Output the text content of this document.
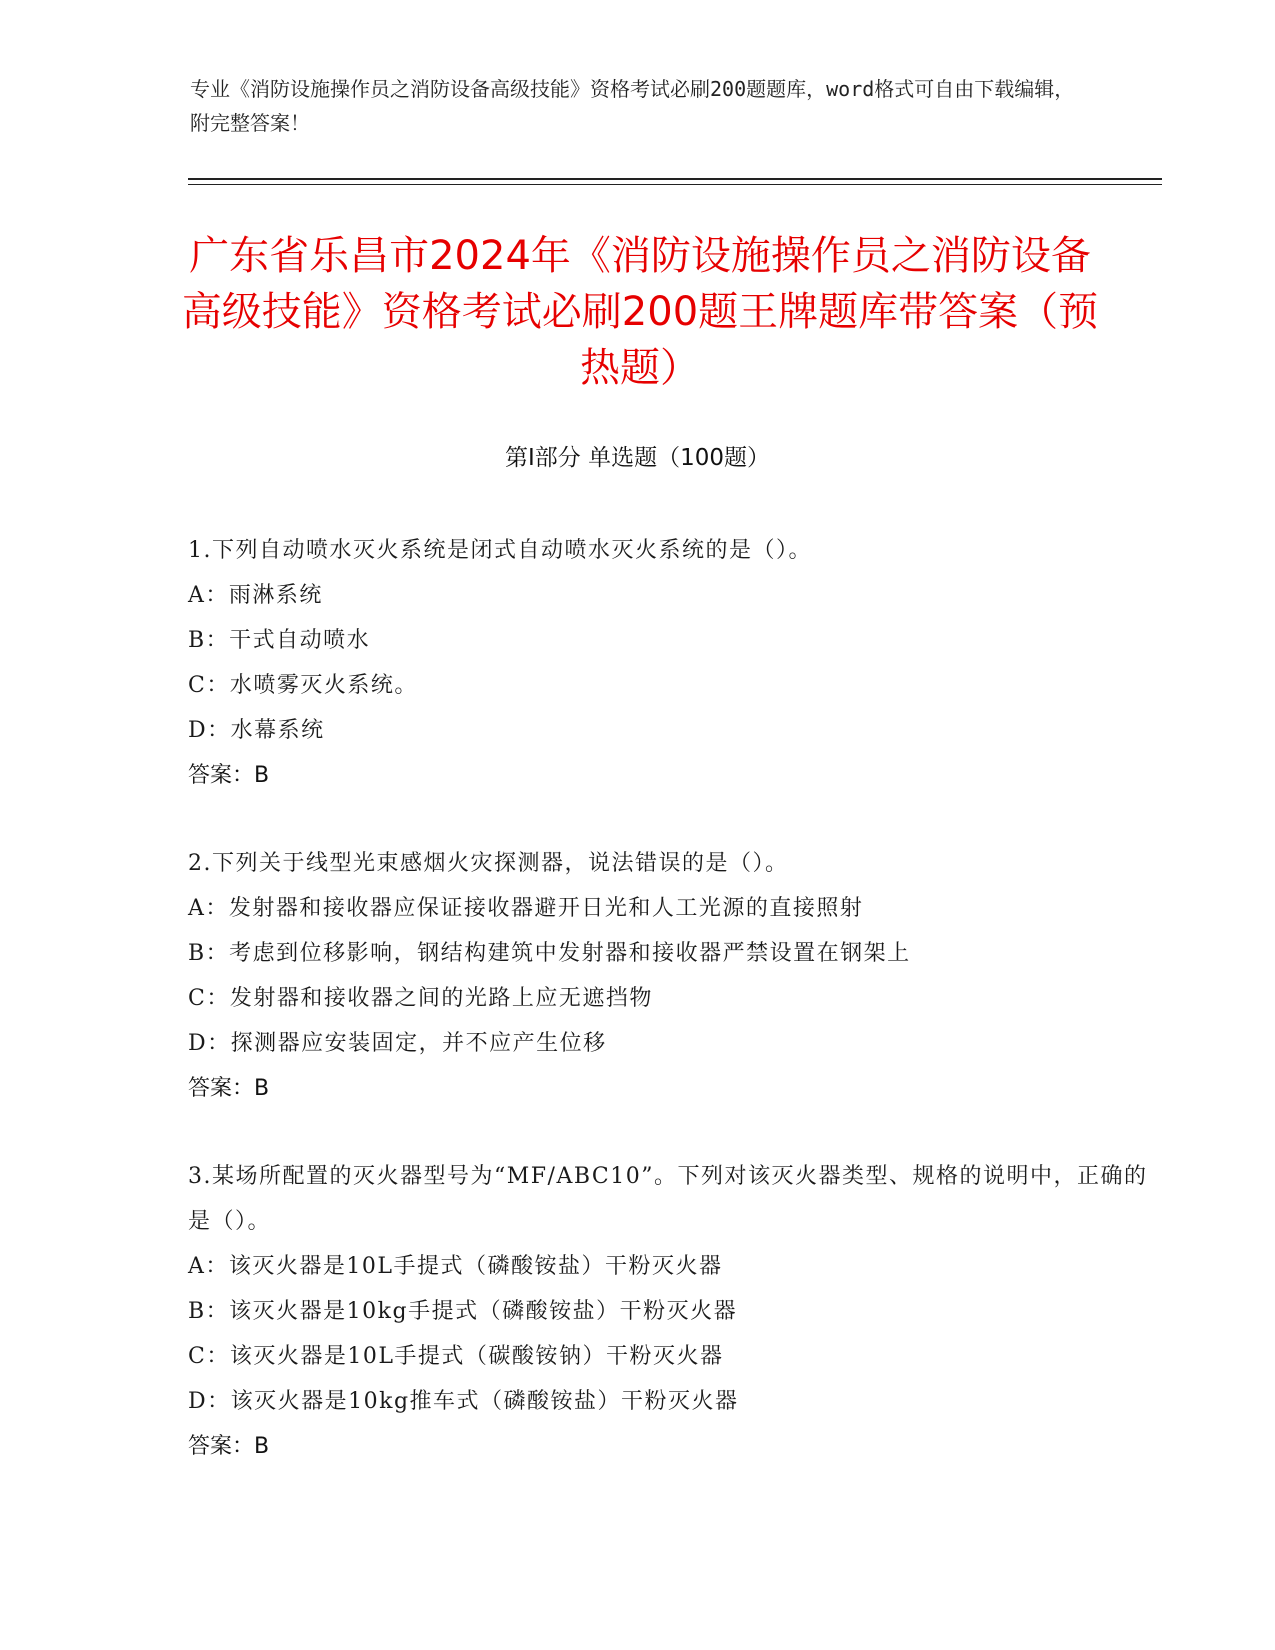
专业《消防设施操作员之消防设备高级技能》资格考试必刷200题题库，word格式可自由下载编辑，附完整答案！
广东省乐昌市2024年《消防设施操作员之消防设备高级技能》资格考试必刷200题王牌题库带答案（预热题）
第Ⅰ部分 单选题（100题）
1.下列自动喷水灭火系统是闭式自动喷水灭火系统的是（）。
A：雨淋系统
B：干式自动喷水
C：水喷雾灭火系统。
D：水幕系统
答案：B
2.下列关于线型光束感烟火灾探测器，说法错误的是（）。
A：发射器和接收器应保证接收器避开日光和人工光源的直接照射
B：考虑到位移影响，钢结构建筑中发射器和接收器严禁设置在钢架上
C：发射器和接收器之间的光路上应无遮挡物
D：探测器应安装固定，并不应产生位移
答案：B
3.某场所配置的灭火器型号为“MF/ABC10”。下列对该灭火器类型、规格的说明中，正确的是（）。
A：该灭火器是10L手提式（磷酸铵盐）干粉灭火器
B：该灭火器是10kg手提式（磷酸铵盐）干粉灭火器
C：该灭火器是10L手提式（碳酸铵钠）干粉灭火器
D：该灭火器是10kg推车式（磷酸铵盐）干粉灭火器
答案：B
